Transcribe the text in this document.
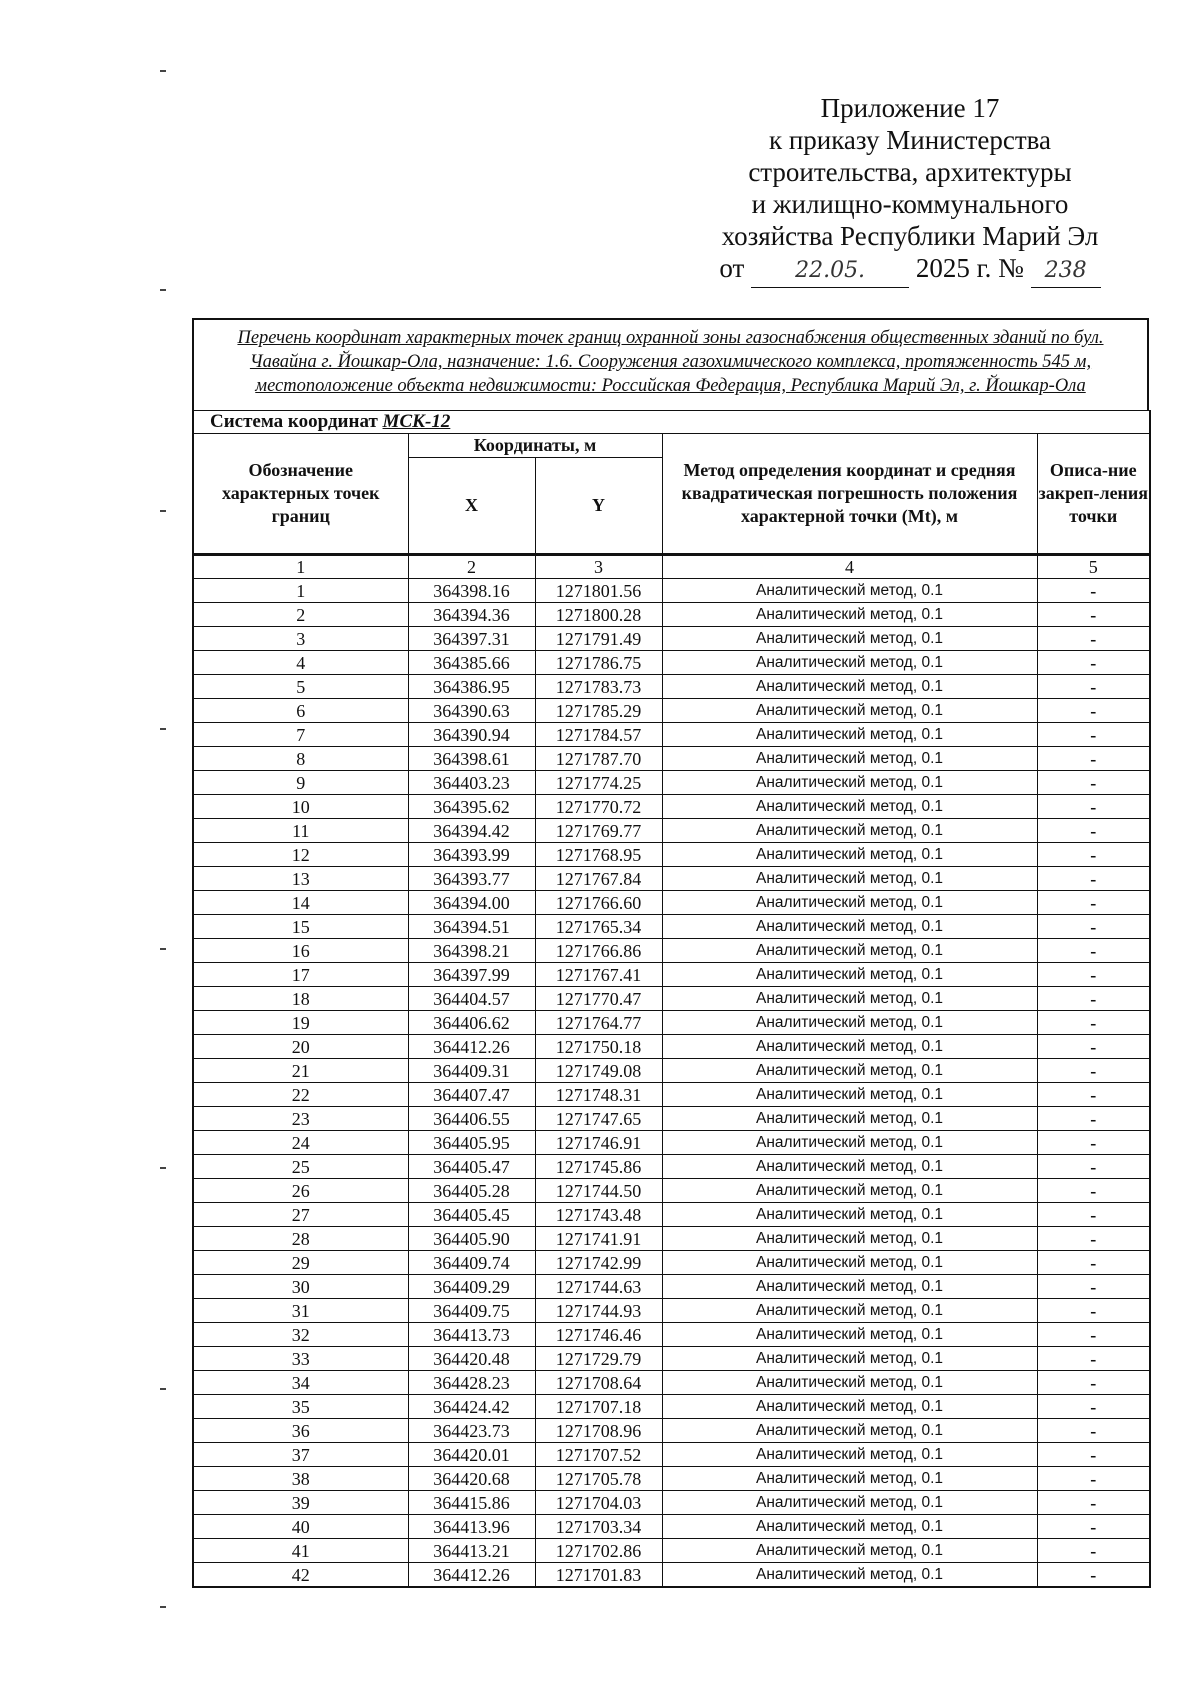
Приложение 17
к приказу Министерства
строительства, архитектуры
и жилищно-коммунального
хозяйства Республики Марий Эл
от 22.05. 2025 г. № 238
Перечень координат характерных точек границ охранной зоны газоснабжения общественных зданий по бул. Чавайна г. Йошкар-Ола, назначение: 1.6. Сооружения газохимического комплекса, протяженность 545 м, местоположение объекта недвижимости: Российская Федерация, Республика Марий Эл, г. Йошкар-Ола
Система координат МСК-12				
Обозначение характерных точек границ	Координаты, м		Метод определения координат и средняя квадратическая погрешность положения характерной точки (Mt), м	Описа-ние закреп-ления точки
	X	Y		
1	2	3	4	5
1	364398.16	1271801.56	Аналитический метод, 0.1	-
2	364394.36	1271800.28	Аналитический метод, 0.1	-
3	364397.31	1271791.49	Аналитический метод, 0.1	-
4	364385.66	1271786.75	Аналитический метод, 0.1	-
5	364386.95	1271783.73	Аналитический метод, 0.1	-
6	364390.63	1271785.29	Аналитический метод, 0.1	-
7	364390.94	1271784.57	Аналитический метод, 0.1	-
8	364398.61	1271787.70	Аналитический метод, 0.1	-
9	364403.23	1271774.25	Аналитический метод, 0.1	-
10	364395.62	1271770.72	Аналитический метод, 0.1	-
11	364394.42	1271769.77	Аналитический метод, 0.1	-
12	364393.99	1271768.95	Аналитический метод, 0.1	-
13	364393.77	1271767.84	Аналитический метод, 0.1	-
14	364394.00	1271766.60	Аналитический метод, 0.1	-
15	364394.51	1271765.34	Аналитический метод, 0.1	-
16	364398.21	1271766.86	Аналитический метод, 0.1	-
17	364397.99	1271767.41	Аналитический метод, 0.1	-
18	364404.57	1271770.47	Аналитический метод, 0.1	-
19	364406.62	1271764.77	Аналитический метод, 0.1	-
20	364412.26	1271750.18	Аналитический метод, 0.1	-
21	364409.31	1271749.08	Аналитический метод, 0.1	-
22	364407.47	1271748.31	Аналитический метод, 0.1	-
23	364406.55	1271747.65	Аналитический метод, 0.1	-
24	364405.95	1271746.91	Аналитический метод, 0.1	-
25	364405.47	1271745.86	Аналитический метод, 0.1	-
26	364405.28	1271744.50	Аналитический метод, 0.1	-
27	364405.45	1271743.48	Аналитический метод, 0.1	-
28	364405.90	1271741.91	Аналитический метод, 0.1	-
29	364409.74	1271742.99	Аналитический метод, 0.1	-
30	364409.29	1271744.63	Аналитический метод, 0.1	-
31	364409.75	1271744.93	Аналитический метод, 0.1	-
32	364413.73	1271746.46	Аналитический метод, 0.1	-
33	364420.48	1271729.79	Аналитический метод, 0.1	-
34	364428.23	1271708.64	Аналитический метод, 0.1	-
35	364424.42	1271707.18	Аналитический метод, 0.1	-
36	364423.73	1271708.96	Аналитический метод, 0.1	-
37	364420.01	1271707.52	Аналитический метод, 0.1	-
38	364420.68	1271705.78	Аналитический метод, 0.1	-
39	364415.86	1271704.03	Аналитический метод, 0.1	-
40	364413.96	1271703.34	Аналитический метод, 0.1	-
41	364413.21	1271702.86	Аналитический метод, 0.1	-
42	364412.26	1271701.83	Аналитический метод, 0.1	-
